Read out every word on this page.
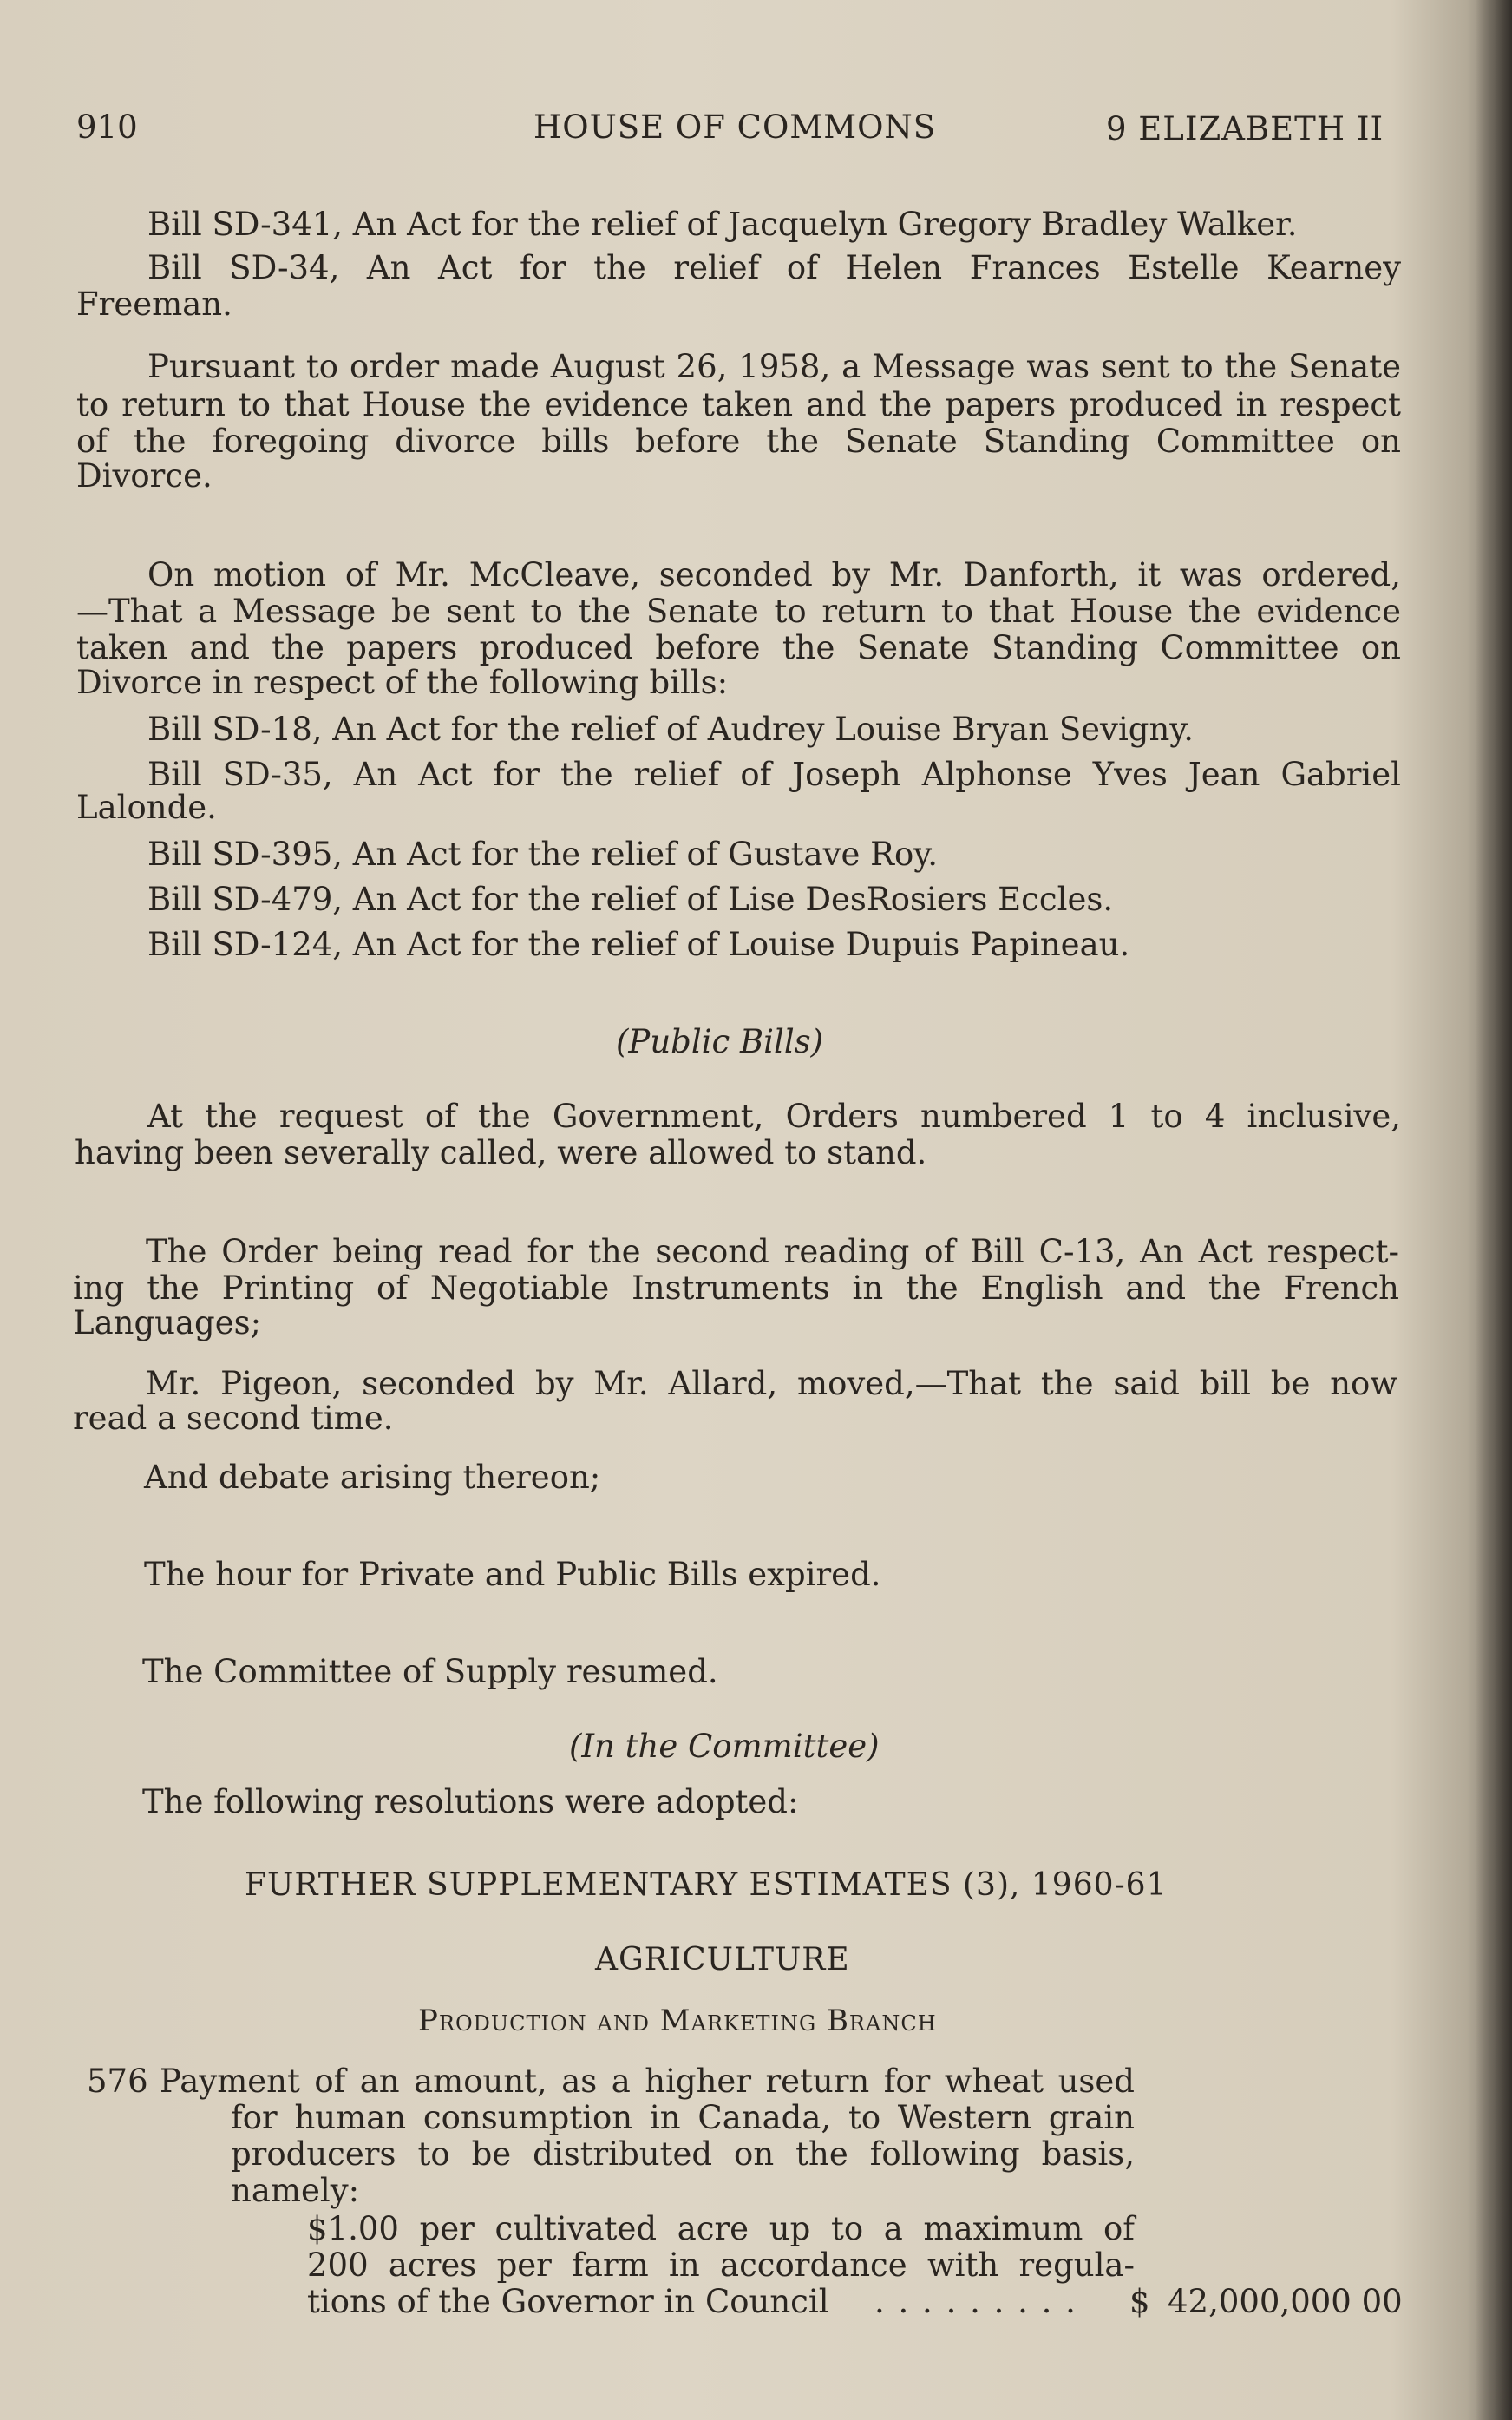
910	HOUSE OF COMMONS	9 ELIZABETH II
Bill SD-341, An Act for the relief of Jacquelyn Gregory Bradley Walker.
Bill SD-34, An Act for the relief of Helen Frances Estelle Kearney
Freeman.
Pursuant to order made August 26, 1958, a Message was sent to the Senate
to return to that House the evidence taken and the papers produced in respect
of the foregoing divorce bills before the Senate Standing Committee on
Divorce.
On motion of Mr. McCleave, seconded by Mr. Danforth, it was ordered,
—That a Message be sent to the Senate to return to that House the evidence
taken and the papers produced before the Senate Standing Committee on
Divorce in respect of the following bills:
Bill SD-18, An Act for the relief of Audrey Louise Bryan Sevigny.
Bill SD-35, An Act for the relief of Joseph Alphonse Yves Jean Gabriel
Lalonde.
Bill SD-395, An Act for the relief of Gustave Roy.
Bill SD-479, An Act for the relief of Lise DesRosiers Eccles.
Bill SD-124, An Act for the relief of Louise Dupuis Papineau.
(Public Bills)
At the request of the Government, Orders numbered 1 to 4 inclusive,
having been severally called, were allowed to stand.
The Order being read for the second reading of Bill C-13, An Act respect-
ing the Printing of Negotiable Instruments in the English and the French
Languages;
Mr. Pigeon, seconded by Mr. Allard, moved,—That the said bill be now
read a second time.
And debate arising thereon;
The hour for Private and Public Bills expired.
The Committee of Supply resumed.
(In the Committee)
The following resolutions were adopted:
FURTHER SUPPLEMENTARY ESTIMATES (3), 1960-61
AGRICULTURE
Production and Marketing Branch
576 Payment of an amount, as a higher return for wheat used
for human consumption in Canada, to Western grain
producers to be distributed on the following basis,
namely:
$1.00 per cultivated acre up to a maximum of
200 acres per farm in accordance with regula-
tions of the Governor in Council . . . . . . . . . $ 42,000,000 00
